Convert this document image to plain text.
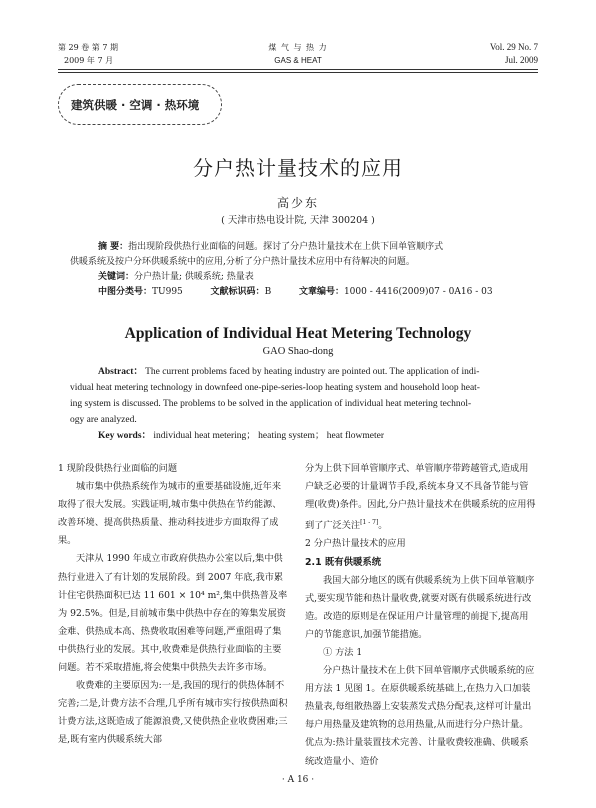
第 29 卷 第 7 期
2009 年 7 月
煤 气 与 热 力
GAS & HEAT
Vol. 29 No. 7
Jul. 2009
建筑供暖 · 空调 · 热环境
分户热计量技术的应用
高少东
( 天津市热电设计院, 天津 300204 )
摘 要：指出现阶段供热行业面临的问题。探讨了分户热计量技术在上供下回单管顺序式
供暖系统及按户分环供暖系统中的应用,分析了分户热计量技术应用中有待解决的问题。
关键词：分户热计量; 供暖系统; 热量表
中图分类号：TU995	文献标识码：B	文章编号：1000 - 4416(2009)07 - 0A16 - 03
Application of Individual Heat Metering Technology
GAO Shao-dong
Abstract： The current problems faced by heating industry are pointed out. The application of indi-
vidual heat metering technology in downfeed one-pipe-series-loop heating system and household loop heat-
ing system is discussed. The problems to be solved in the application of individual heat metering technol-
ogy are analyzed.
Key words： individual heat metering； heating system； heat flowmeter

1 现阶段供热行业面临的问题

城市集中供热系统作为城市的重要基础设施,近年来取得了很大发展。实践证明,城市集中供热在节约能源、改善环境、提高供热质量、推动科技进步方面取得了成果。

天津从 1990 年成立市政府供热办公室以后,集中供热行业进入了有计划的发展阶段。到 2007 年底,我市累计住宅供热面积已达 11 601 × 10⁴ m²,集中供热普及率为 92.5%。但是,目前城市集中供热中存在的筹集发展资金难、供热成本高、热费收取困难等问题,严重阻碍了集中供热行业的发展。其中,收费难是供热行业面临的主要问题。若不采取措施,将会使集中供热失去许多市场。

收费难的主要原因为:一是,我国的现行的供热体制不完善;二是,计费方法不合理,几乎所有城市实行按供热面积计费方法,这既造成了能源浪费,又使供热企业收费困难;三是,既有室内供暖系统大部

分为上供下回单管顺序式、单管顺序带跨越管式,造成用户缺乏必要的计量调节手段,系统本身又不具备节能与管理(收费)条件。因此,分户热计量技术在供暖系统的应用得到了广泛关注[1 - 7]。

2 分户热计量技术的应用

2.1 既有供暖系统

我国大部分地区的既有供暖系统为上供下回单管顺序式,要实现节能和热计量收费,就要对既有供暖系统进行改造。改造的原则是在保证用户计量管理的前提下,提高用户的节能意识,加强节能措施。

① 方法 1

分户热计量技术在上供下回单管顺序式供暖系统的应用方法 1 见图 1。在原供暖系统基础上,在热力入口加装热量表,每组散热器上安装蒸发式热分配表,这样可计量出每户用热量及建筑物的总用热量,从而进行分户热计量。优点为:热计量装置技术完善、计量收费较准确、供暖系统改造量小、造价

· A 16 ·
